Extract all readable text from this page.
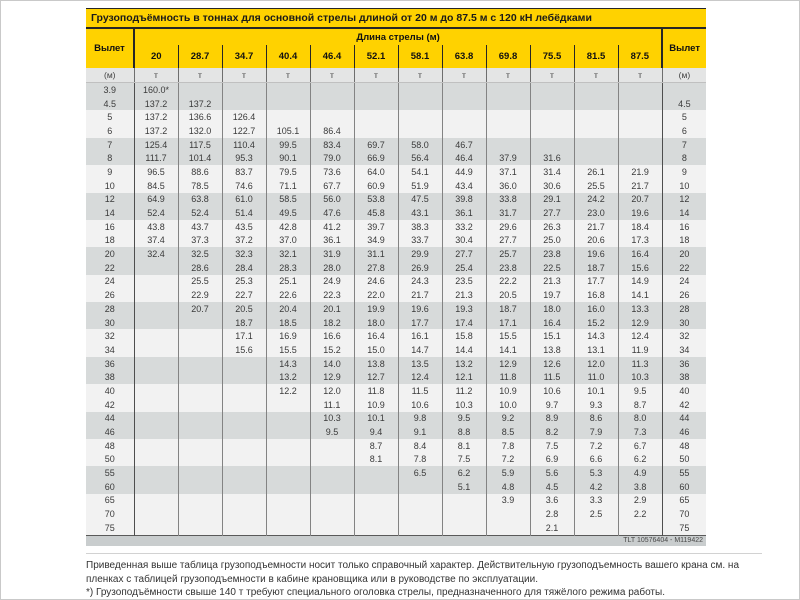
Грузоподъёмность в тоннах для основной стрелы длиной от 20 м до 87.5 м с 120 кН лебёдками
Вылет	Длина стрелы (м)												Вылет
	20	28.7	34.7	40.4	46.4	52.1	58.1	63.8	69.8	75.5	81.5	87.5	
(м)	т	т	т	т	т	т	т	т	т	т	т	т	(м)
3.9	160.0*												
4.5	137.2	137.2											4.5
5	137.2	136.6	126.4										5
6	137.2	132.0	122.7	105.1	86.4								6
7	125.4	117.5	110.4	99.5	83.4	69.7	58.0	46.7					7
8	111.7	101.4	95.3	90.1	79.0	66.9	56.4	46.4	37.9	31.6			8
9	96.5	88.6	83.7	79.5	73.6	64.0	54.1	44.9	37.1	31.4	26.1	21.9	9
10	84.5	78.5	74.6	71.1	67.7	60.9	51.9	43.4	36.0	30.6	25.5	21.7	10
12	64.9	63.8	61.0	58.5	56.0	53.8	47.5	39.8	33.8	29.1	24.2	20.7	12
14	52.4	52.4	51.4	49.5	47.6	45.8	43.1	36.1	31.7	27.7	23.0	19.6	14
16	43.8	43.7	43.5	42.8	41.2	39.7	38.3	33.2	29.6	26.3	21.7	18.4	16
18	37.4	37.3	37.2	37.0	36.1	34.9	33.7	30.4	27.7	25.0	20.6	17.3	18
20	32.4	32.5	32.3	32.1	31.9	31.1	29.9	27.7	25.7	23.8	19.6	16.4	20
22		28.6	28.4	28.3	28.0	27.8	26.9	25.4	23.8	22.5	18.7	15.6	22
24		25.5	25.3	25.1	24.9	24.6	24.3	23.5	22.2	21.3	17.7	14.9	24
26		22.9	22.7	22.6	22.3	22.0	21.7	21.3	20.5	19.7	16.8	14.1	26
28		20.7	20.5	20.4	20.1	19.9	19.6	19.3	18.7	18.0	16.0	13.3	28
30			18.7	18.5	18.2	18.0	17.7	17.4	17.1	16.4	15.2	12.9	30
32			17.1	16.9	16.6	16.4	16.1	15.8	15.5	15.1	14.3	12.4	32
34			15.6	15.5	15.2	15.0	14.7	14.4	14.1	13.8	13.1	11.9	34
36				14.3	14.0	13.8	13.5	13.2	12.9	12.6	12.0	11.3	36
38				13.2	12.9	12.7	12.4	12.1	11.8	11.5	11.0	10.3	38
40				12.2	12.0	11.8	11.5	11.2	10.9	10.6	10.1	9.5	40
42					11.1	10.9	10.6	10.3	10.0	9.7	9.3	8.7	42
44					10.3	10.1	9.8	9.5	9.2	8.9	8.6	8.0	44
46					9.5	9.4	9.1	8.8	8.5	8.2	7.9	7.3	46
48						8.7	8.4	8.1	7.8	7.5	7.2	6.7	48
50						8.1	7.8	7.5	7.2	6.9	6.6	6.2	50
55							6.5	6.2	5.9	5.6	5.3	4.9	55
60								5.1	4.8	4.5	4.2	3.8	60
65									3.9	3.6	3.3	2.9	65
70										2.8	2.5	2.2	70
75										2.1			75
TLT 10576404 - M119422

Приведенная выше таблица грузоподъемности носит только справочный характер. Действительную грузоподъемность вашего крана см. на пленках с таблицей грузоподъемности в кабине крановщика или в руководстве по эксплуатации.

*) Грузоподъёмности свыше 140 т требуют специального оголовка стрелы, предназначенного для тяжёлого режима работы.
